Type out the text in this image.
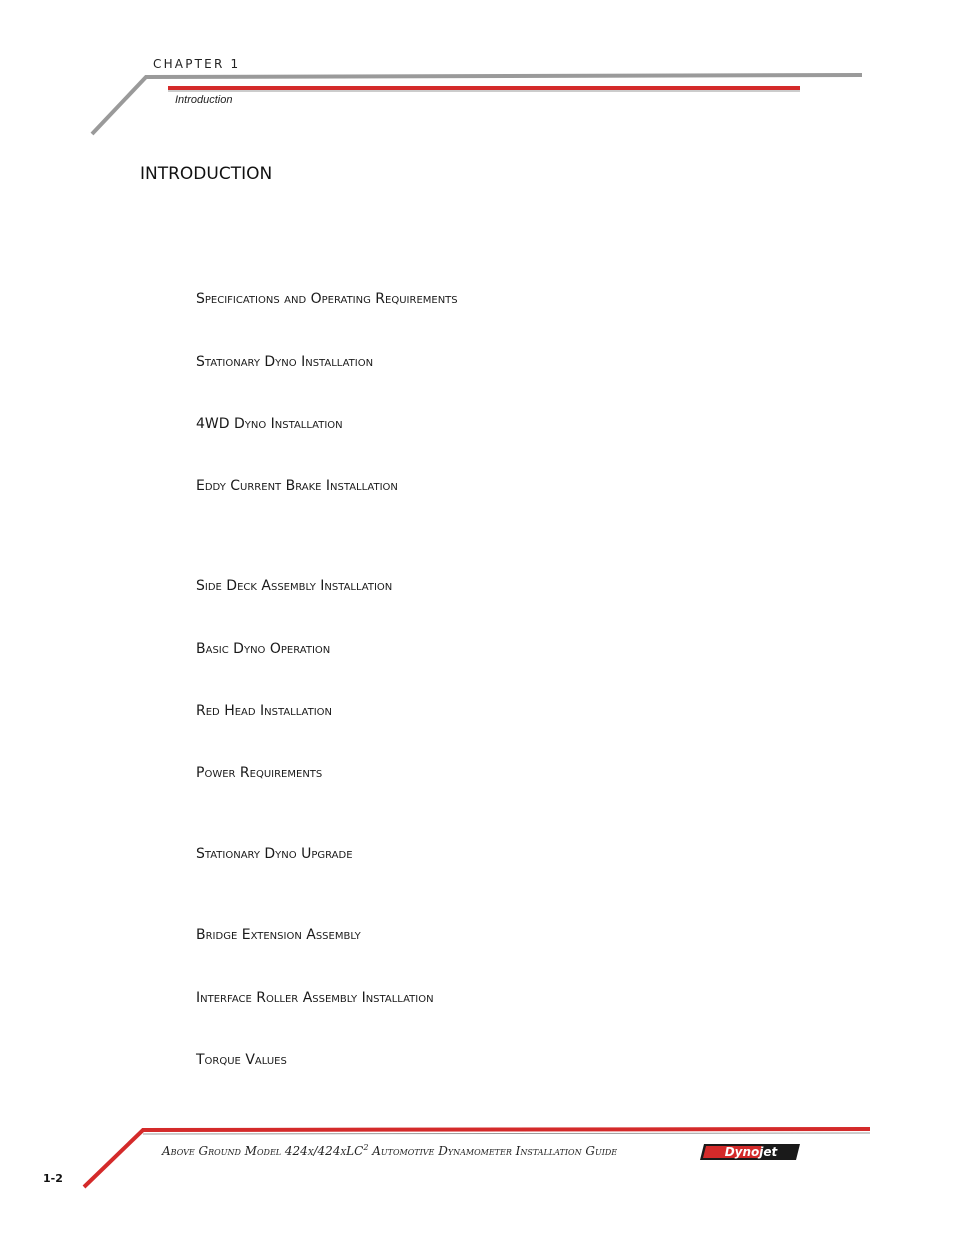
CHAPTER 1
Introduction
INTRODUCTION
Specifications and Operating Requirements
Stationary Dyno Installation
4WD Dyno Installation
Eddy Current Brake Installation
Side Deck Assembly Installation
Basic Dyno Operation
Red Head Installation
Power Requirements
Stationary Dyno Upgrade
Bridge Extension Assembly
Interface Roller Assembly Installation
Torque Values
Above Ground Model 424x/424xLC$^2$ Automotive Dynamometer Installation Guide
1-2
Dynojet
